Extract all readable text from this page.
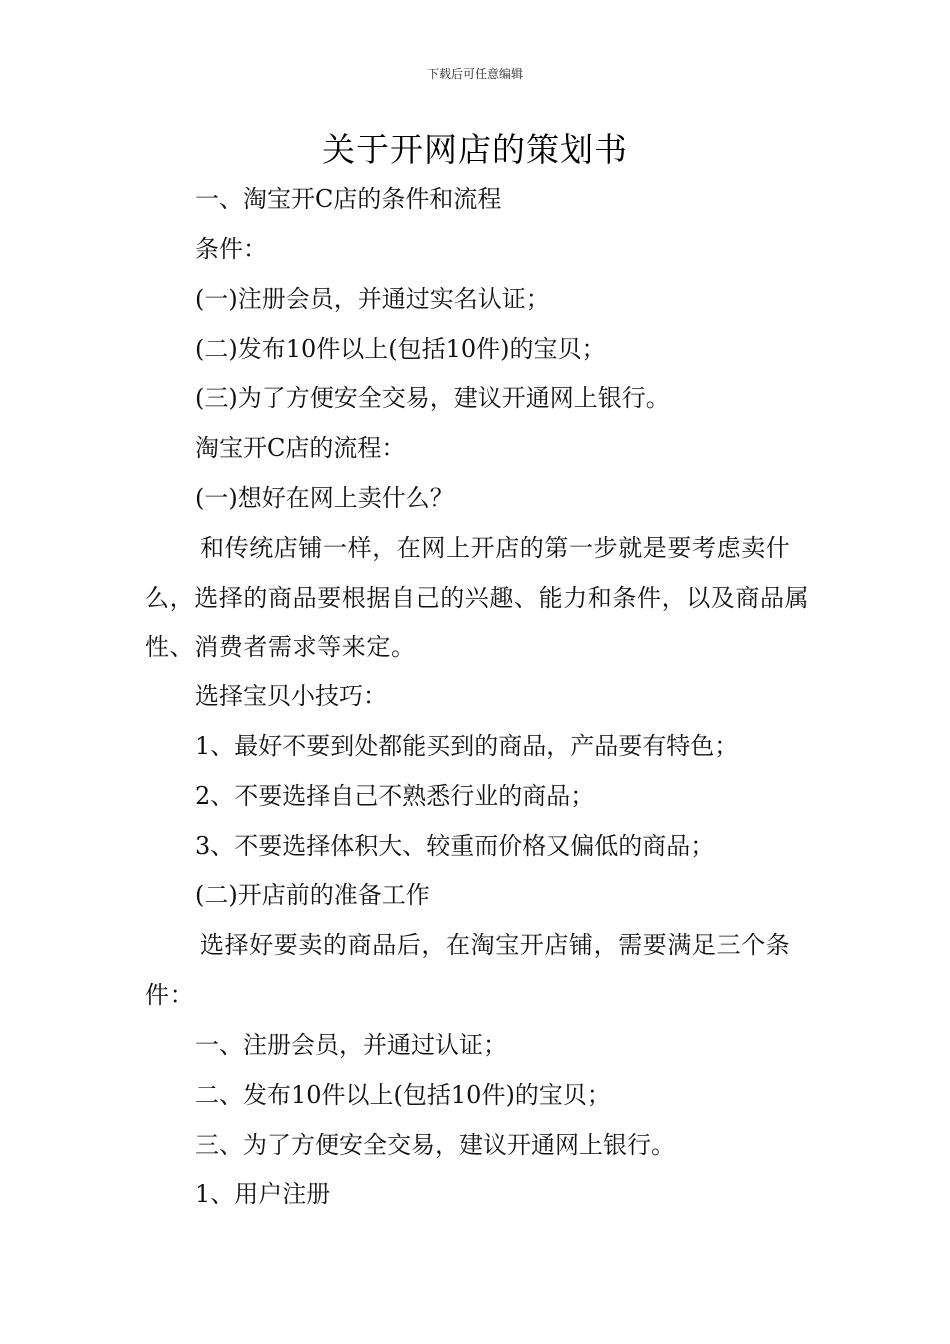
下载后可任意编辑
关于开网店的策划书
一、淘宝开C店的条件和流程
条件：
(一)注册会员，并通过实名认证；
(二)发布10件以上(包括10件)的宝贝；
(三)为了方便安全交易，建议开通网上银行。
淘宝开C店的流程：
(一)想好在网上卖什么？

和传统店铺一样，在网上开店的第一步就是要考虑卖什么，选择的商品要根据自己的兴趣、能力和条件，以及商品属性、消费者需求等来定。

选择宝贝小技巧：
1、最好不要到处都能买到的商品，产品要有特色；
2、不要选择自己不熟悉行业的商品；
3、不要选择体积大、较重而价格又偏低的商品；
(二)开店前的准备工作

选择好要卖的商品后，在淘宝开店铺，需要满足三个条件：

一、注册会员，并通过认证；
二、发布10件以上(包括10件)的宝贝；
三、为了方便安全交易，建议开通网上银行。
1、用户注册
